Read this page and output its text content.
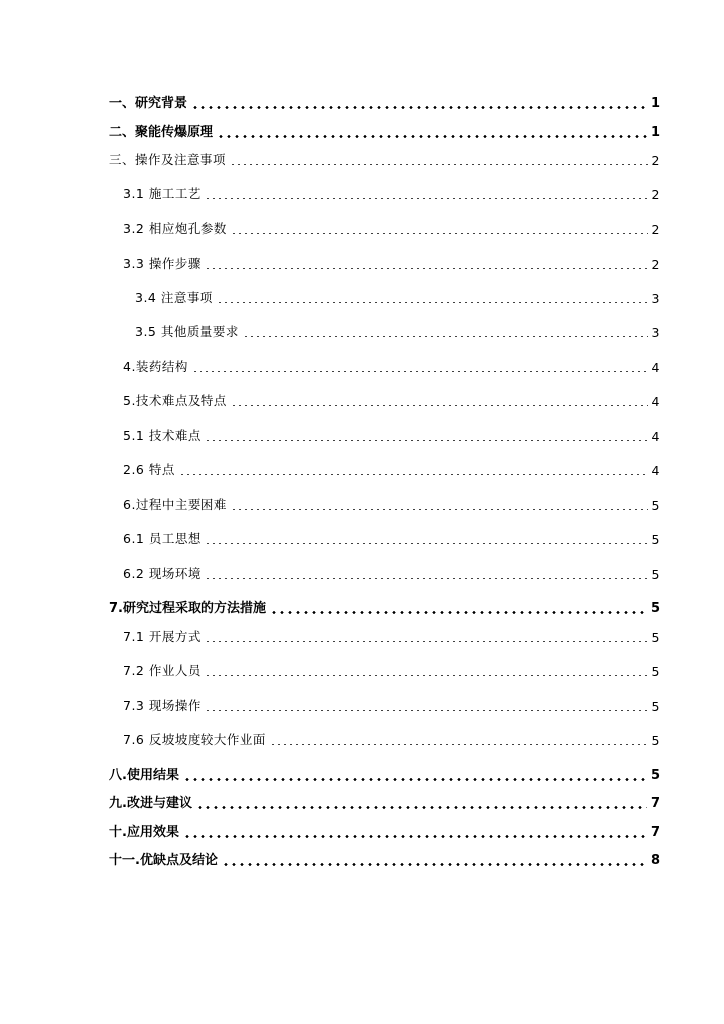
一、研究背景	1
二、聚能传爆原理	1
三、操作及注意事项	2
3.1 施工工艺	2
3.2 相应炮孔参数	2
3.3 操作步骤	2
3.4 注意事项	3
3.5 其他质量要求	3
4.装药结构	4
5.技术难点及特点	4
5.1 技术难点	4
2.6 特点	4
6.过程中主要困难	5
6.1 员工思想	5
6.2 现场环境	5
7.研究过程采取的方法措施	5
7.1 开展方式	5
7.2 作业人员	5
7.3 现场操作	5
7.6 反坡坡度较大作业面	5
八.使用结果	5
九.改进与建议	7
十.应用效果	7
十一.优缺点及结论	8
